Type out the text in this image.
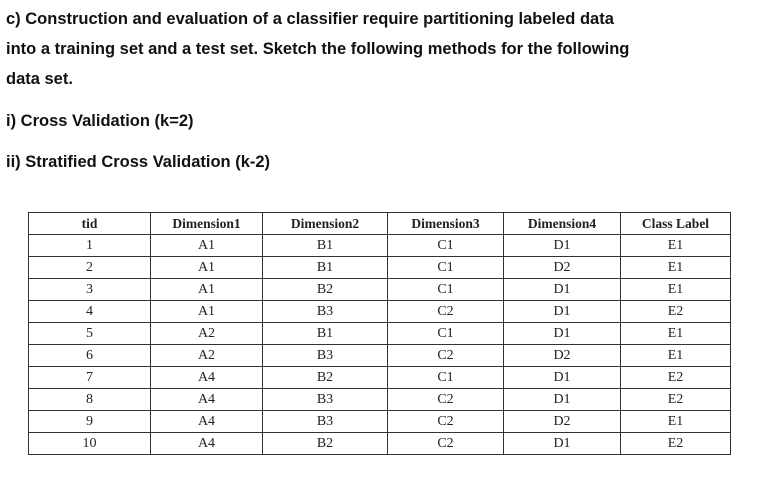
c) Construction and evaluation of a classifier require partitioning labeled data
into a training set and a test set. Sketch the following methods for the following
data set.
i) Cross Validation (k=2)
ii) Stratified Cross Validation (k-2)
tid	Dimension1	Dimension2	Dimension3	Dimension4	Class Label
1	A1	B1	C1	D1	E1
2	A1	B1	C1	D2	E1
3	A1	B2	C1	D1	E1
4	A1	B3	C2	D1	E2
5	A2	B1	C1	D1	E1
6	A2	B3	C2	D2	E1
7	A4	B2	C1	D1	E2
8	A4	B3	C2	D1	E2
9	A4	B3	C2	D2	E1
10	A4	B2	C2	D1	E2
